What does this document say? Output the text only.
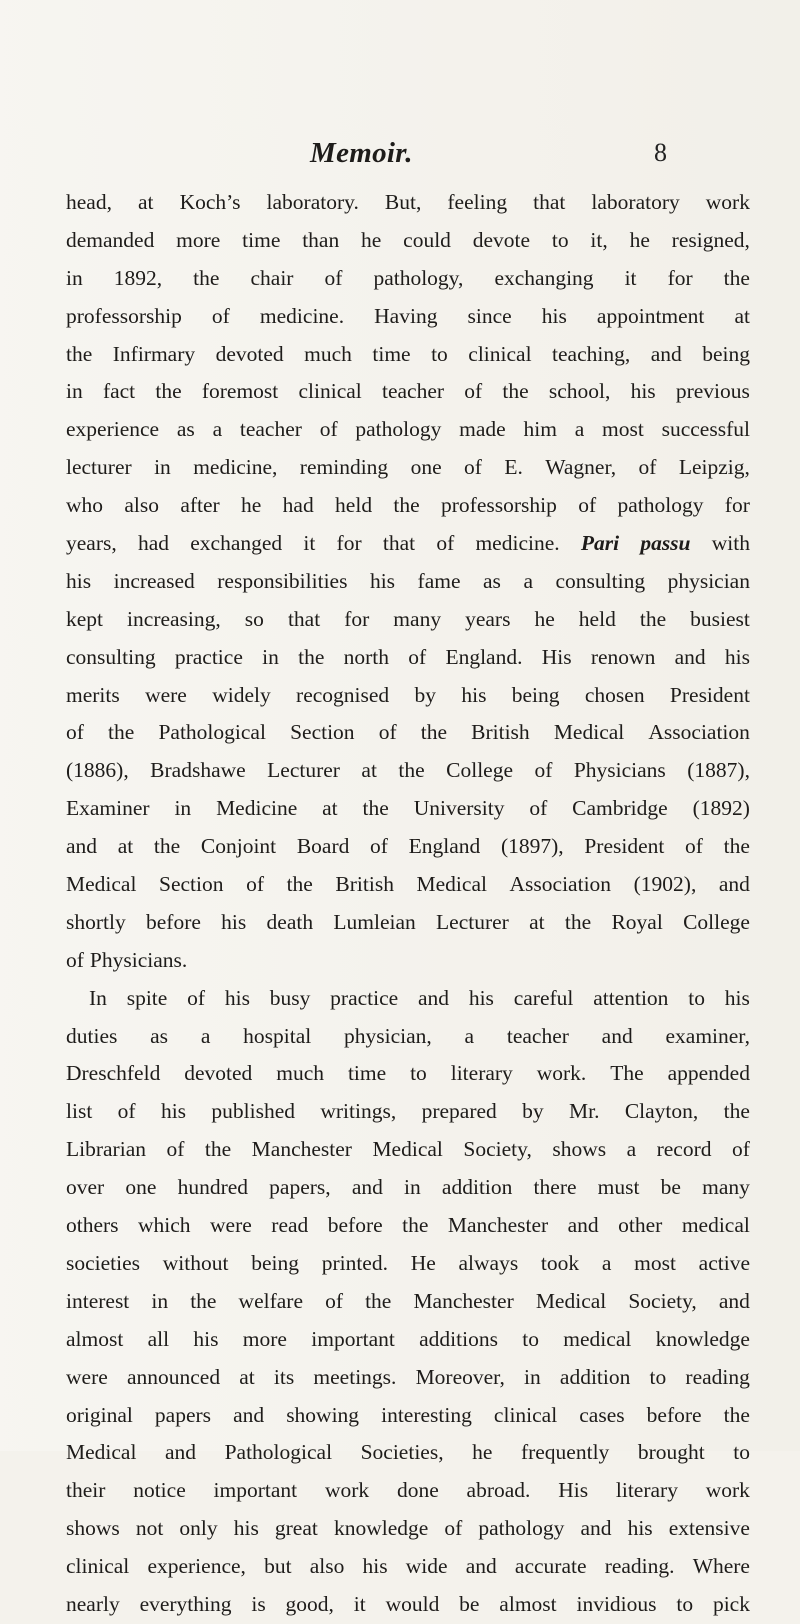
Memoir.	8
head, at Koch’s laboratory. But, feeling that laboratory work
demanded more time than he could devote to it, he resigned,
in 1892, the chair of pathology, exchanging it for the
professorship of medicine. Having since his appointment at
the Infirmary devoted much time to clinical teaching, and being
in fact the foremost clinical teacher of the school, his previous
experience as a teacher of pathology made him a most successful
lecturer in medicine, reminding one of E. Wagner, of Leipzig,
who also after he had held the professorship of pathology for
years, had exchanged it for that of medicine. Pari passu with
his increased responsibilities his fame as a consulting physician
kept increasing, so that for many years he held the busiest
consulting practice in the north of England. His renown and his
merits were widely recognised by his being chosen President
of the Pathological Section of the British Medical Association
(1886), Bradshawe Lecturer at the College of Physicians (1887),
Examiner in Medicine at the University of Cambridge (1892)
and at the Conjoint Board of England (1897), President of the
Medical Section of the British Medical Association (1902), and
shortly before his death Lumleian Lecturer at the Royal College
of Physicians.
In spite of his busy practice and his careful attention to his
duties as a hospital physician, a teacher and examiner,
Dreschfeld devoted much time to literary work. The appended
list of his published writings, prepared by Mr. Clayton, the
Librarian of the Manchester Medical Society, shows a record of
over one hundred papers, and in addition there must be many
others which were read before the Manchester and other medical
societies without being printed. He always took a most active
interest in the welfare of the Manchester Medical Society, and
almost all his more important additions to medical knowledge
were announced at its meetings. Moreover, in addition to reading
original papers and showing interesting clinical cases before the
Medical and Pathological Societies, he frequently brought to
their notice important work done abroad. His literary work
shows not only his great knowledge of pathology and his extensive
clinical experience, but also his wide and accurate reading. Where
nearly everything is good, it would be almost invidious to pick
